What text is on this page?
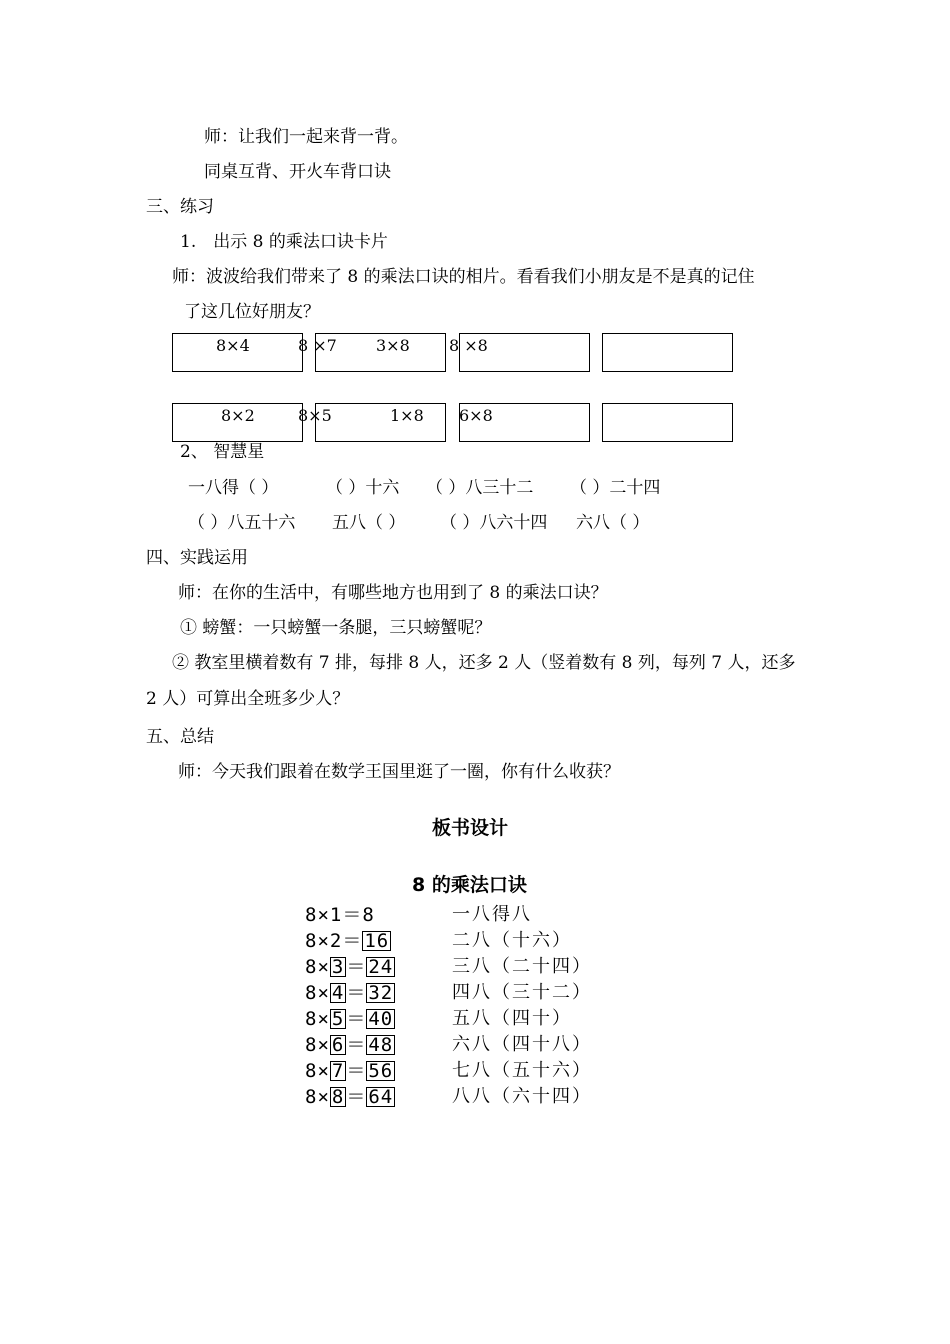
师：让我们一起来背一背。
同桌互背、开火车背口诀
三、练习
1.　出示 8 的乘法口诀卡片
师：波波给我们带来了 8 的乘法口诀的相片。看看我们小朋友是不是真的记住
了这几位好朋友？
8×4	8 ×7 3×8 8 ×8
8×2	8×5	1×8 6×8
2、 智慧星
一八得（ ）	（ ）十六 （ ）八三十二 （ ）二十四
（ ）八五十六 五八（ ） （ ）八六十四 六八（ ）
四、实践运用
师：在你的生活中，有哪些地方也用到了 8 的乘法口诀？
① 螃蟹：一只螃蟹一条腿，三只螃蟹呢？
② 教室里横着数有 7 排，每排 8 人，还多 2 人（竖着数有 8 列，每列 7 人，还多
2 人）可算出全班多少人？
五、总结
师：今天我们跟着在数学王国里逛了一圈，你有什么收获？
板书设计
8 的乘法口诀
8×1＝8	一八得八
8×2＝ 16	二八（十六）
8× 3 ＝ 24	三八（二十四）
8× 4 ＝ 32	四八（三十二）
8× 5 ＝ 40	五八（四十）
8× 6 ＝ 48	六八（四十八）
8× 7 ＝ 56	七八（五十六）
8× 8 ＝ 64	八八（六十四）
